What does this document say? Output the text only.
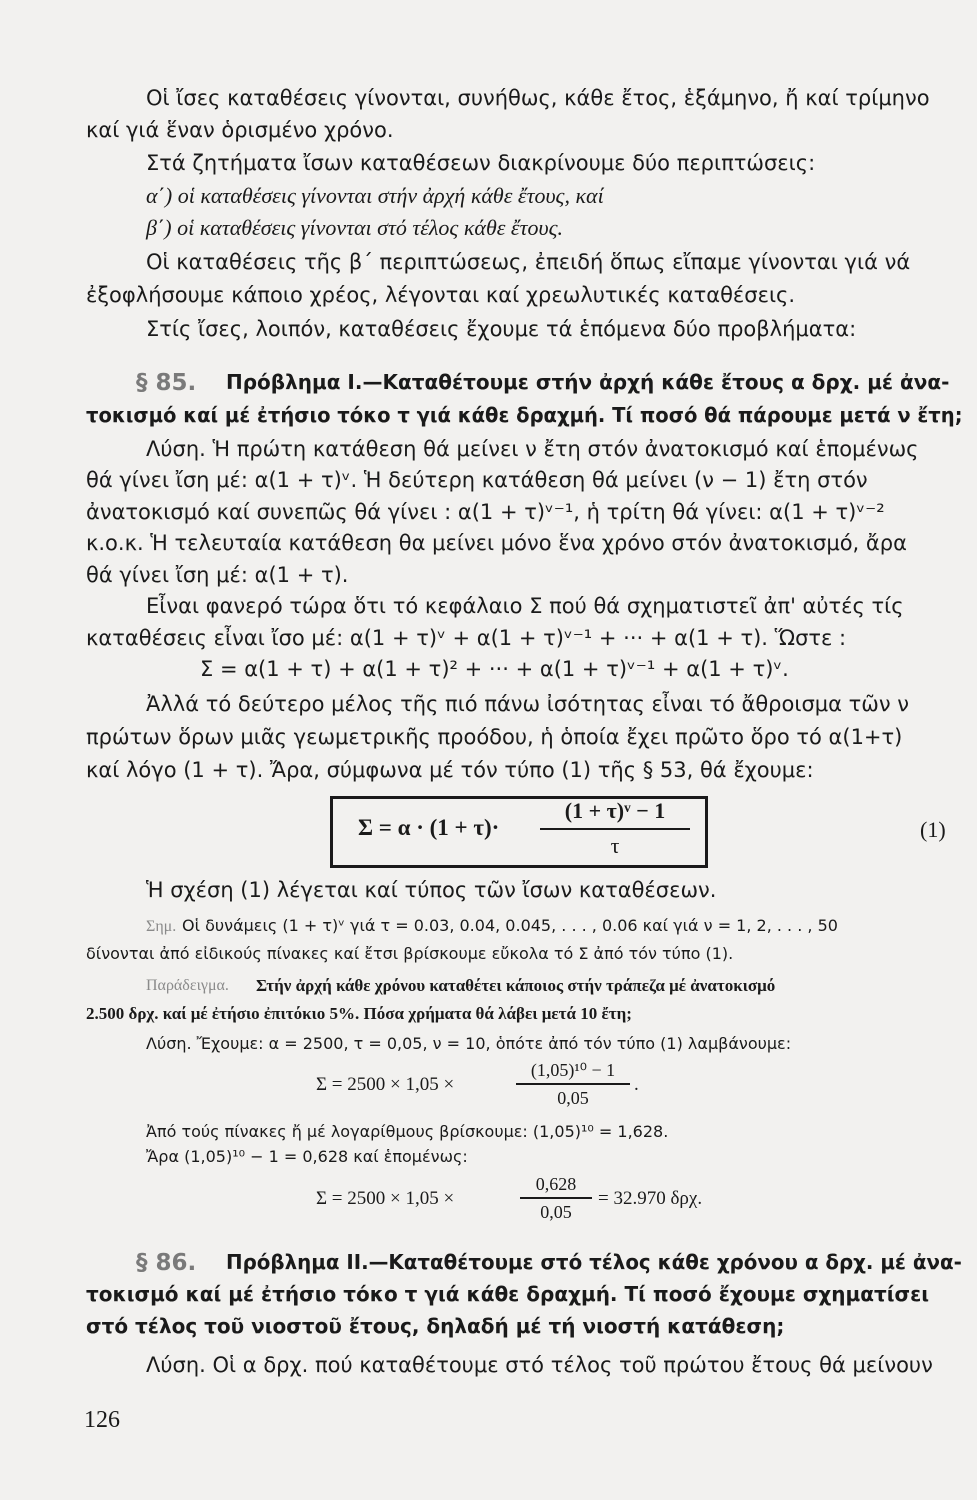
Οἱ ἴσες καταθέσεις γίνονται, συνήθως, κάθε ἔτος, ἑξάμηνο, ἤ καί τρίμηνο
καί γιά ἕναν ὁρισμένο χρόνο.
Στά ζητήματα ἴσων καταθέσεων διακρίνουμε δύο περιπτώσεις:
α΄) οἱ καταθέσεις γίνονται στήν ἀρχή κάθε ἔτους, καί
β΄) οἱ καταθέσεις γίνονται στό τέλος κάθε ἔτους.
Οἱ καταθέσεις τῆς β΄ περιπτώσεως, ἐπειδή ὅπως εἴπαμε γίνονται γιά νά
ἐξοφλήσουμε κάποιο χρέος, λέγονται καί χρεωλυτικές καταθέσεις.
Στίς ἴσες, λοιπόν, καταθέσεις ἔχουμε τά ἑπόμενα δύο προβλήματα:
§ 85. Πρόβλημα Ι.—Καταθέτουμε στήν ἀρχή κάθε ἔτους α δρχ. μέ ἀνα-
τοκισμό καί μέ ἐτήσιο τόκο τ γιά κάθε δραχμή. Τί ποσό θά πάρουμε μετά ν ἔτη;
Λύση. Ἡ πρώτη κατάθεση θά μείνει ν ἔτη στόν ἀνατοκισμό καί ἑπομένως
θά γίνει ἴση μέ: α(1 + τ)ᵛ. Ἡ δεύτερη κατάθεση θά μείνει (ν − 1) ἔτη στόν
ἀνατοκισμό καί συνεπῶς θά γίνει : α(1 + τ)ᵛ⁻¹, ἡ τρίτη θά γίνει: α(1 + τ)ᵛ⁻²
κ.ο.κ. Ἡ τελευταία κατάθεση θα μείνει μόνο ἕνα χρόνο στόν ἀνατοκισμό, ἄρα
θά γίνει ἴση μέ: α(1 + τ).
Εἶναι φανερό τώρα ὅτι τό κεφάλαιο Σ πού θά σχηματιστεῖ ἀπ' αὐτές τίς
καταθέσεις εἶναι ἴσο μέ: α(1 + τ)ᵛ + α(1 + τ)ᵛ⁻¹ + ··· + α(1 + τ). Ὥστε :
Σ = α(1 + τ) + α(1 + τ)² + ··· + α(1 + τ)ᵛ⁻¹ + α(1 + τ)ᵛ.
Ἀλλά τό δεύτερο μέλος τῆς πιό πάνω ἰσότητας εἶναι τό ἄθροισμα τῶν ν
πρώτων ὅρων μιᾶς γεωμετρικῆς προόδου, ἡ ὁποία ἔχει πρῶτο ὅρο τό α(1+τ)
καί λόγο (1 + τ). Ἄρα, σύμφωνα μέ τόν τύπο (1) τῆς § 53, θά ἔχουμε:
Σ = α · (1 + τ)·
(1 + τ)ᵛ − 1
τ
(1)
Ἡ σχέση (1) λέγεται καί τύπος τῶν ἴσων καταθέσεων.
Σημ. Οἱ δυνάμεις (1 + τ)ᵛ γιά τ = 0.03, 0.04, 0.045, . . . , 0.06 καί γιά ν = 1, 2, . . . , 50
δίνονται ἀπό εἰδικούς πίνακες καί ἔτσι βρίσκουμε εὔκολα τό Σ ἀπό τόν τύπο (1).
Παράδειγμα. Στήν ἀρχή κάθε χρόνου καταθέτει κάποιος στήν τράπεζα μέ ἀνατοκισμό
2.500 δρχ. καί μέ ἐτήσιο ἐπιτόκιο 5%. Πόσα χρήματα θά λάβει μετά 10 ἔτη;
Λύση. Ἔχουμε: α = 2500, τ = 0,05, ν = 10, ὁπότε ἀπό τόν τύπο (1) λαμβάνουμε:
Σ = 2500 × 1,05 ×
(1,05)¹⁰ − 1
0,05
.
Ἀπό τούς πίνακες ἤ μέ λογαρίθμους βρίσκουμε: (1,05)¹⁰ = 1,628.
Ἄρα (1,05)¹⁰ − 1 = 0,628 καί ἑπομένως:
Σ = 2500 × 1,05 ×
0,628
0,05
= 32.970 δρχ.
§ 86. Πρόβλημα ΙΙ.—Καταθέτουμε στό τέλος κάθε χρόνου α δρχ. μέ ἀνα-
τοκισμό καί μέ ἐτήσιο τόκο τ γιά κάθε δραχμή. Τί ποσό ἔχουμε σχηματίσει
στό τέλος τοῦ νιοστοῦ ἔτους, δηλαδή μέ τή νιοστή κατάθεση;
Λύση. Οἱ α δρχ. πού καταθέτουμε στό τέλος τοῦ πρώτου ἔτους θά μείνουν
126
